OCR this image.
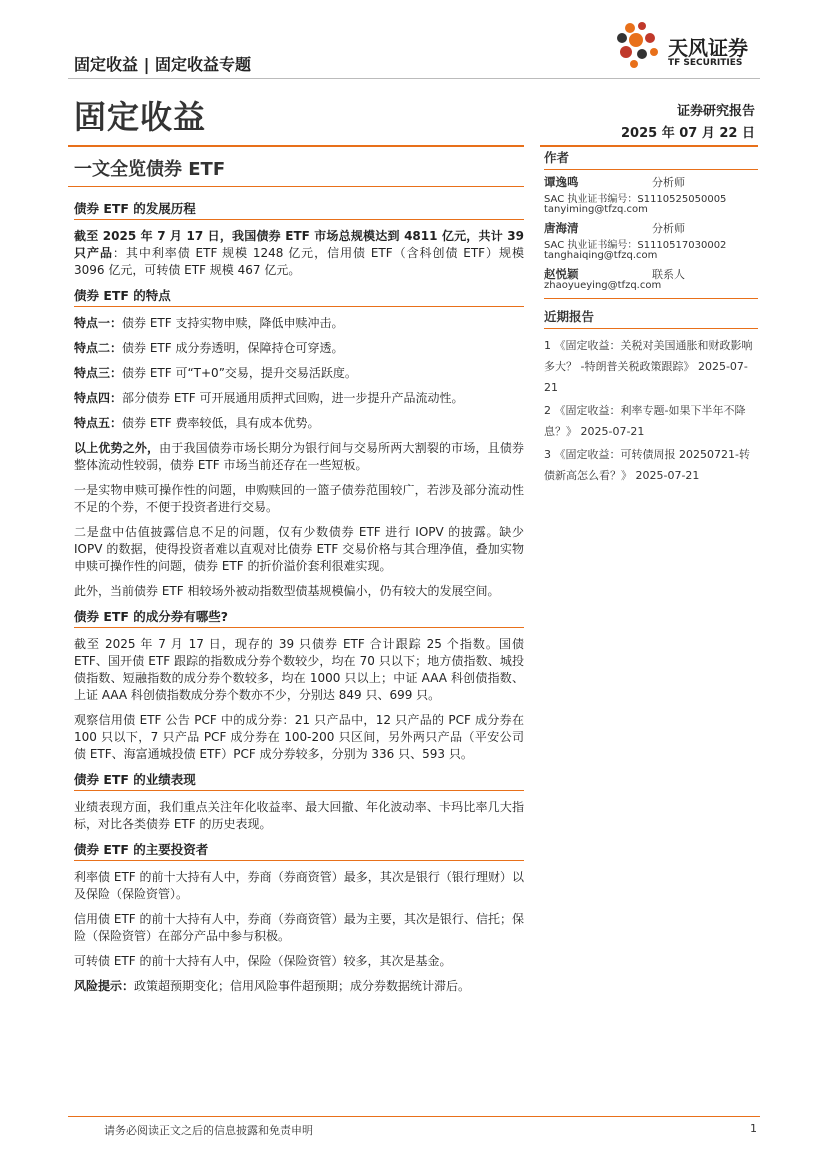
固定收益 | 固定收益专题
天风证券
TF SECURITIES
固定收益	证券研究报告
2025 年 07 月 22 日
一文全览债券 ETF
债券 ETF 的发展历程

截至 2025 年 7 月 17 日，我国债券 ETF 市场总规模达到 4811 亿元，共计 39 只产品：其中利率债 ETF 规模 1248 亿元，信用债 ETF（含科创债 ETF）规模 3096 亿元，可转债 ETF 规模 467 亿元。

债券 ETF 的特点

特点一：债券 ETF 支持实物申赎，降低申赎冲击。

特点二：债券 ETF 成分券透明，保障持仓可穿透。

特点三：债券 ETF 可“T+0”交易，提升交易活跃度。

特点四：部分债券 ETF 可开展通用质押式回购，进一步提升产品流动性。

特点五：债券 ETF 费率较低，具有成本优势。

以上优势之外，由于我国债券市场长期分为银行间与交易所两大割裂的市场，且债券整体流动性较弱，债券 ETF 市场当前还存在一些短板。

一是实物申赎可操作性的问题，申购赎回的一篮子债券范围较广，若涉及部分流动性不足的个券，不便于投资者进行交易。

二是盘中估值披露信息不足的问题，仅有少数债券 ETF 进行 IOPV 的披露。缺少 IOPV 的数据，使得投资者难以直观对比债券 ETF 交易价格与其合理净值，叠加实物申赎可操作性的问题，债券 ETF 的折价溢价套利很难实现。

此外，当前债券 ETF 相较场外被动指数型债基规模偏小，仍有较大的发展空间。

债券 ETF 的成分券有哪些?

截至 2025 年 7 月 17 日，现存的 39 只债券 ETF 合计跟踪 25 个指数。国债 ETF、国开债 ETF 跟踪的指数成分券个数较少，均在 70 只以下；地方债指数、城投债指数、短融指数的成分券个数较多，均在 1000 只以上；中证 AAA 科创债指数、上证 AAA 科创债指数成分券个数亦不少，分别达 849 只、699 只。

观察信用债 ETF 公告 PCF 中的成分券：21 只产品中，12 只产品的 PCF 成分券在 100 只以下，7 只产品 PCF 成分券在 100-200 只区间，另外两只产品（平安公司债 ETF、海富通城投债 ETF）PCF 成分券较多，分别为 336 只、593 只。

债券 ETF 的业绩表现

业绩表现方面，我们重点关注年化收益率、最大回撤、年化波动率、卡玛比率几大指标，对比各类债券 ETF 的历史表现。

债券 ETF 的主要投资者

利率债 ETF 的前十大持有人中，券商（券商资管）最多，其次是银行（银行理财）以及保险（保险资管）。

信用债 ETF 的前十大持有人中，券商（券商资管）最为主要，其次是银行、信托；保险（保险资管）在部分产品中参与积极。

可转债 ETF 的前十大持有人中，保险（保险资管）较多，其次是基金。

风险提示：政策超预期变化；信用风险事件超预期；成分券数据统计滞后。

作者
谭逸鸣	分析师
SAC 执业证书编号：S1110525050005
tanyiming@tfzq.com
唐海清	分析师
SAC 执业证书编号：S1110517030002
tanghaiqing@tfzq.com
赵悦颖	联系人
zhaoyueying@tfzq.com
近期报告
1 《固定收益：关税对美国通胀和财政影响多大？ -特朗普关税政策跟踪》 2025-07-21
2 《固定收益：利率专题-如果下半年不降息？》 2025-07-21
3 《固定收益：可转债周报 20250721-转债新高怎么看？》 2025-07-21
请务必阅读正文之后的信息披露和免责申明	1
